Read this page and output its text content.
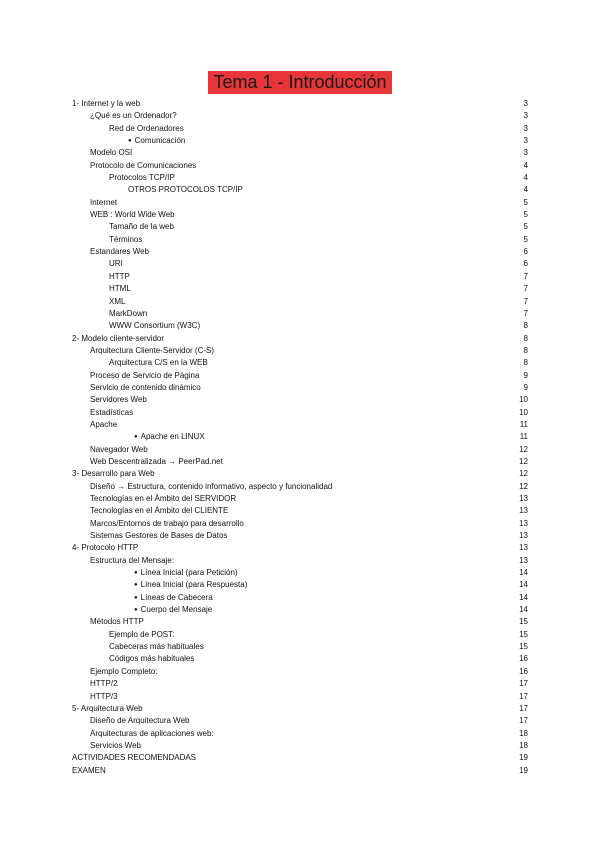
Tema 1 - Introducción
1- Internet y la web	3
¿Qué es un Ordenador?	3
Red de Ordenadores	3
● Comunicación	3
Modelo OSI	3
Protocolo de Comunicaciones	4
Protocolos TCP/IP	4
OTROS PROTOCOLOS TCP/IP	4
Internet	5
WEB : World Wide Web	5
Tamaño de la web	5
Términos	5
Estandares Web	6
URI	6
HTTP	7
HTML	7
XML	7
MarkDown	7
WWW Consortium (W3C)	8
2- Modelo cliente-servidor	8
Arquitectura Cliente-Servidor (C-S)	8
Arquitectura C/S en la WEB	8
Proceso de Servicio de Página	9
Servicio de contenido dinámico	9
Servidores Web	10
Estadísticas	10
Apache	11
● Apache en LINUX	11
Navegador Web	12
Web Descentralizada → PeerPad.net	12
3- Desarrollo para Web	12
Diseño → Estructura, contenido informativo, aspecto y funcionalidad	12
Tecnologías en el Ámbito del SERVIDOR	13
Tecnologías en el Ámbito del CLIENTE	13
Marcos/Entornos de trabajo para desarrollo	13
Sistemas Gestores de Bases de Datos	13
4- Protocolo HTTP	13
Estructura del Mensaje:	13
● Línea Inicial (para Petición)	14
● Línea Inicial (para Respuesta)	14
● Líneas de Cabecera	14
● Cuerpo del Mensaje	14
Métodos HTTP	15
Ejemplo de POST:	15
Cabeceras más habituales	15
Códigos más habituales	16
Ejemplo Completo:	16
HTTP/2	17
HTTP/3	17
5- Arquitectura Web	17
Diseño de Arquitectura Web	17
Arquitecturas de aplicaciones web:	18
Servicios Web	18
ACTIVIDADES RECOMENDADAS	19
EXAMEN	19
